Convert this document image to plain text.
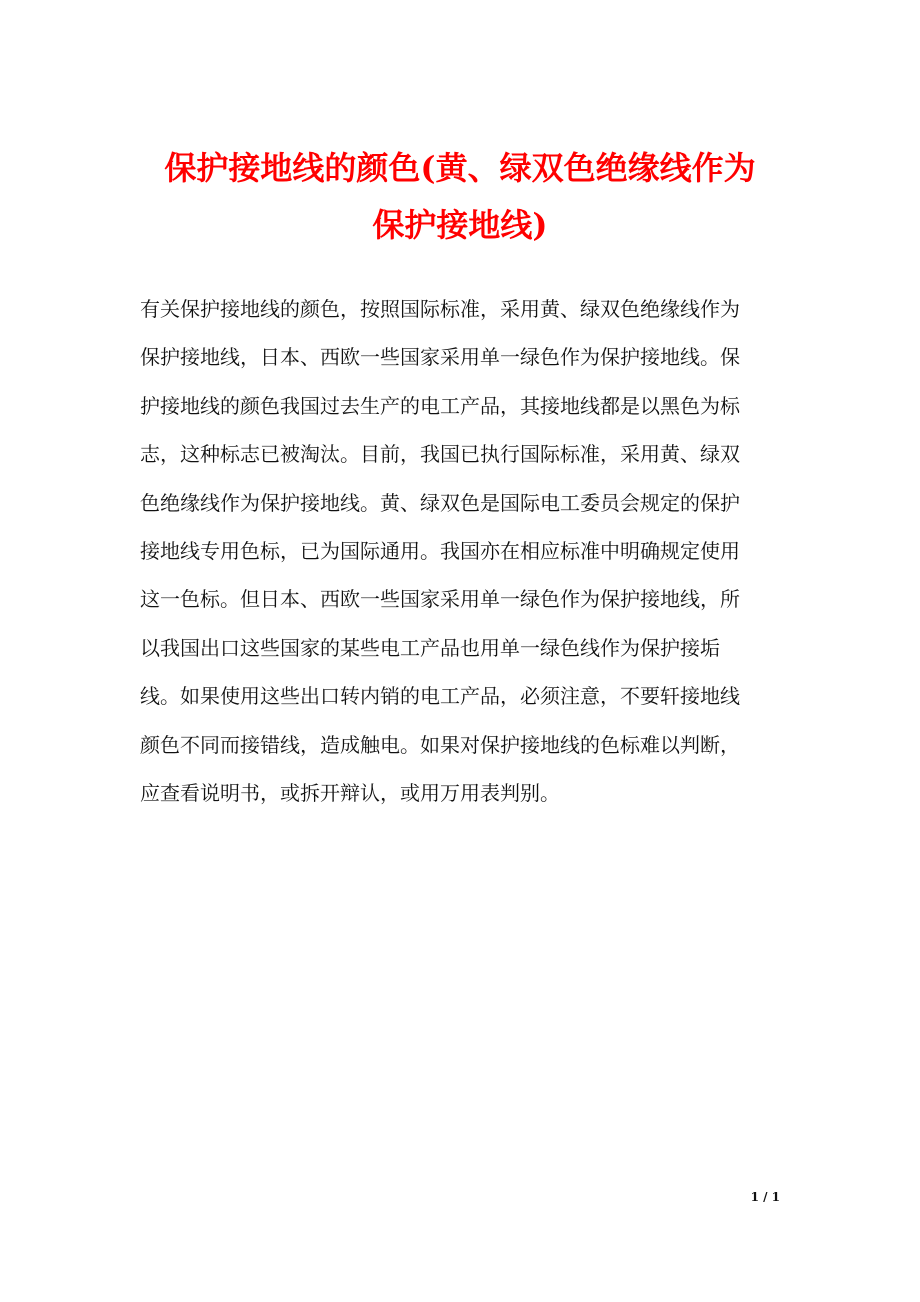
保护接地线的颜色(黄、绿双色绝缘线作为
保护接地线)
有关保护接地线的颜色，按照国际标准，采用黄、绿双色绝缘线作为
保护接地线，日本、西欧一些国家采用单一绿色作为保护接地线。保
护接地线的颜色我国过去生产的电工产品，其接地线都是以黑色为标
志，这种标志已被淘汰。目前，我国已执行国际标准，采用黄、绿双
色绝缘线作为保护接地线。黄、绿双色是国际电工委员会规定的保护
接地线专用色标，已为国际通用。我国亦在相应标准中明确规定使用
这一色标。但日本、西欧一些国家采用单一绿色作为保护接地线，所
以我国出口这些国家的某些电工产品也用单一绿色线作为保护接垢
线。如果使用这些出口转内销的电工产品，必须注意，不要轩接地线
颜色不同而接错线，造成触电。如果对保护接地线的色标难以判断，
应查看说明书，或拆开辩认，或用万用表判别。
1 / 1
